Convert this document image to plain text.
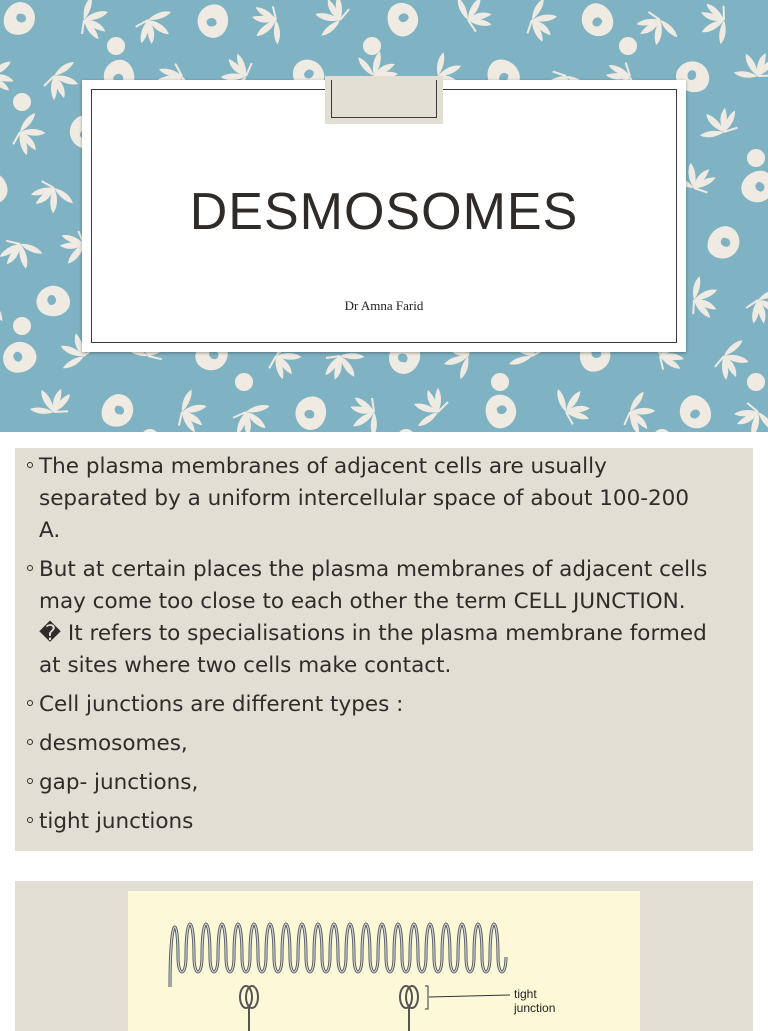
DESMOSOMES
Dr Amna Farid
The plasma membranes of adjacent cells are usually separated by a uniform intercellular space of about 100-200 A.
But at certain places the plasma membranes of adjacent cells may come too close to each other the term CELL JUNCTION. � It refers to specialisations in the plasma membrane formed at sites where two cells make contact.
Cell junctions are different types :
desmosomes,
gap- junctions,
tight junctions
tight junction
